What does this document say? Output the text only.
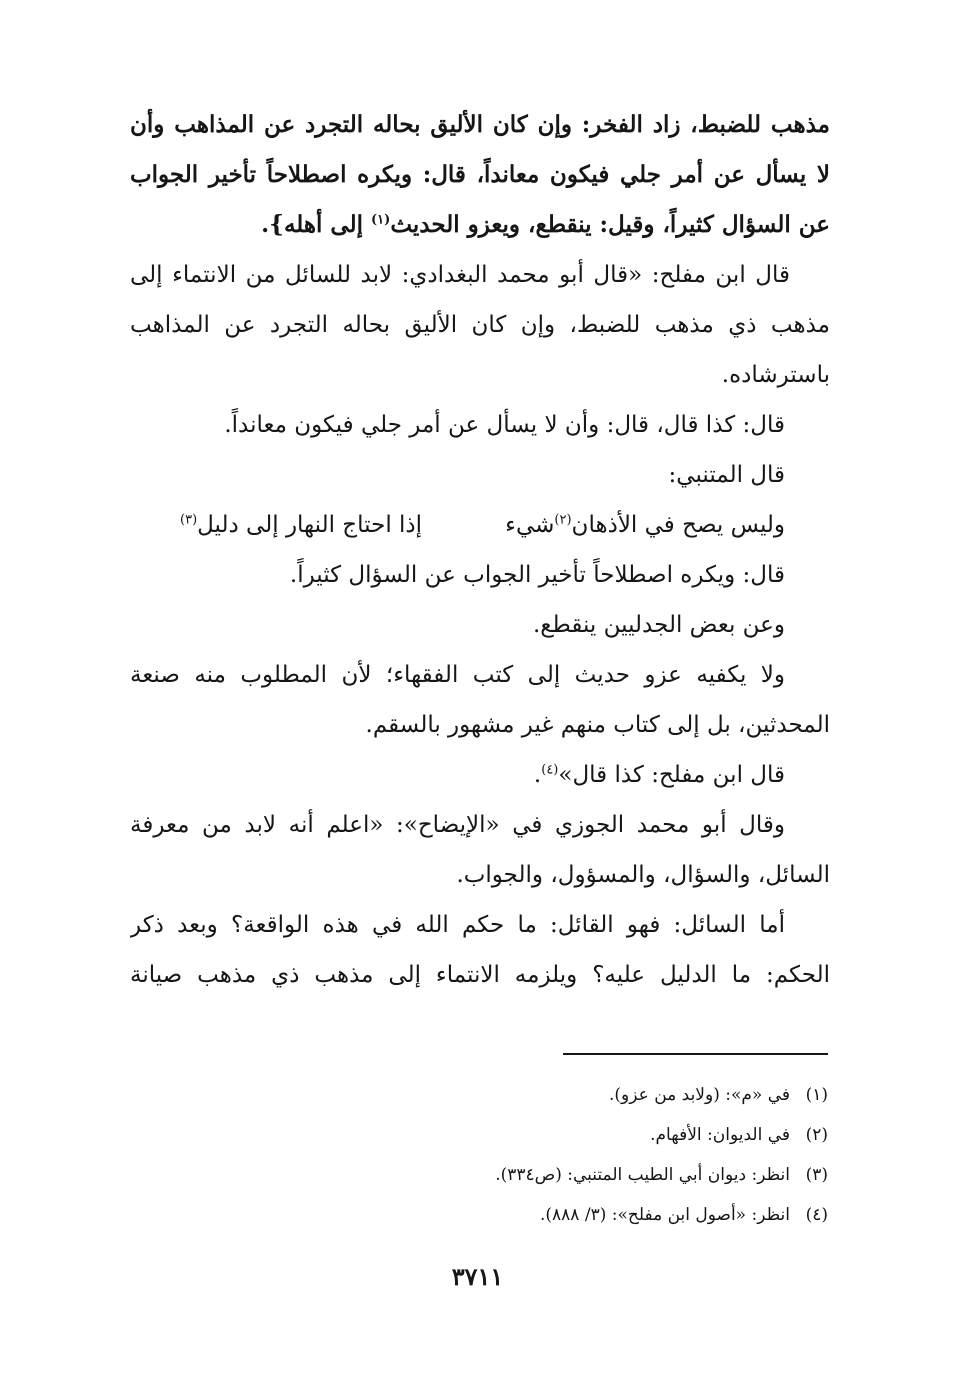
مذهب للضبط، زاد الفخر: وإن كان الأليق بحاله التجرد عن المذاهب وأن
لا يسأل عن أمر جلي فيكون معانداً، قال: ويكره اصطلاحاً تأخير الجواب
عن السؤال كثيراً، وقيل: ينقطع، ويعزو الحديث$^{(١)}$ إلى أهله}.
قال ابن مفلح: «قال أبو محمد البغدادي: لابد للسائل من الانتماء إلى
مذهب ذي مذهب للضبط، وإن كان الأليق بحاله التجرد عن المذاهب
باسترشاده.
قال: كذا قال، قال: وأن لا يسأل عن أمر جلي فيكون معانداً.
قال المتنبي:
وليس يصح في الأذهان$^{(٢)}$شيء
إذا احتاج النهار إلى دليل$^{(٣)}$
قال: ويكره اصطلاحاً تأخير الجواب عن السؤال كثيراً.
وعن بعض الجدليين ينقطع.
ولا يكفيه عزو حديث إلى كتب الفقهاء؛ لأن المطلوب منه صنعة
المحدثين، بل إلى كتاب منهم غير مشهور بالسقم.
قال ابن مفلح: كذا قال»$^{(٤)}$.
وقال أبو محمد الجوزي في «الإيضاح»: «اعلم أنه لابد من معرفة
السائل، والسؤال، والمسؤول، والجواب.
أما السائل: فهو القائل: ما حكم الله في هذه الواقعة؟ وبعد ذكر
الحكم: ما الدليل عليه؟ ويلزمه الانتماء إلى مذهب ذي مذهب صيانة
(١)في «م»: (ولابد من عزو).
(٢)في الديوان: الأفهام.
(٣)انظر: ديوان أبي الطيب المتنبي: (ص٣٣٤).
(٤)انظر: «أصول ابن مفلح»: (٣/ ٨٨٨).
٣٧١١
